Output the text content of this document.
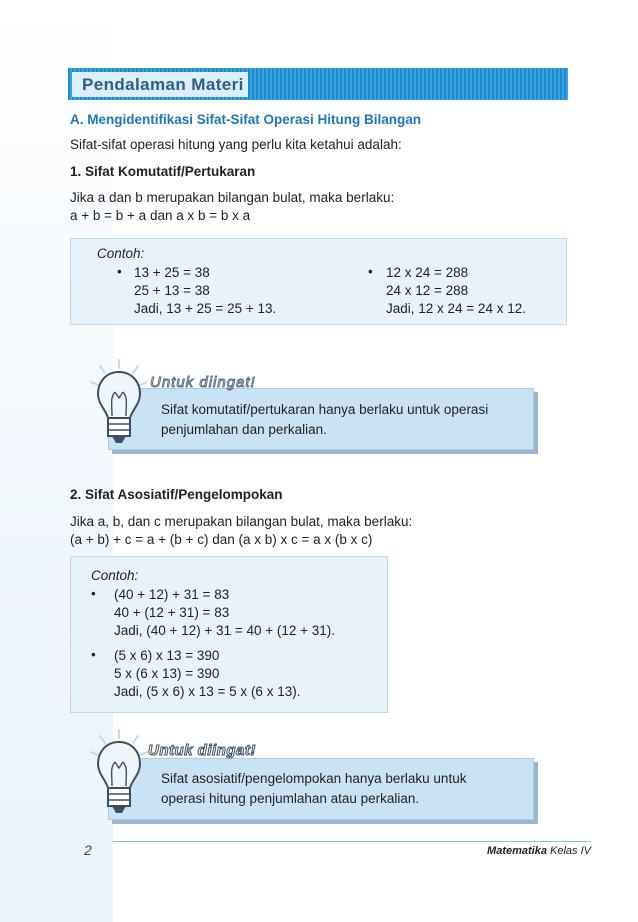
Pendalaman Materi
A. Mengidentifikasi Sifat-Sifat Operasi Hitung Bilangan
Sifat-sifat operasi hitung yang perlu kita ketahui adalah:
1. Sifat Komutatif/Pertukaran
Jika a dan b merupakan bilangan bulat, maka berlaku:
a + b = b + a dan a x b = b x a
Contoh:
• 13 + 25 = 38
25 + 13 = 38
Jadi, 13 + 25 = 25 + 13.
• 12 x 24 = 288
24 x 12 = 288
Jadi, 12 x 24 = 24 x 12.
Sifat komutatif/pertukaran hanya berlaku untuk operasi
penjumlahan dan perkalian.
Untuk diingat!
2. Sifat Asosiatif/Pengelompokan
Jika a, b, dan c merupakan bilangan bulat, maka berlaku:
(a + b) + c = a + (b + c) dan (a x b) x c = a x (b x c)
Contoh:
• (40 + 12) + 31 = 83
40 + (12 + 31) = 83
Jadi, (40 + 12) + 31 = 40 + (12 + 31).
• (5 x 6) x 13 = 390
5 x (6 x 13) = 390
Jadi, (5 x 6) x 13 = 5 x (6 x 13).
Sifat asosiatif/pengelompokan hanya berlaku untuk
operasi hitung penjumlahan atau perkalian.
Untuk diingat!
2	Matematika Kelas IV
